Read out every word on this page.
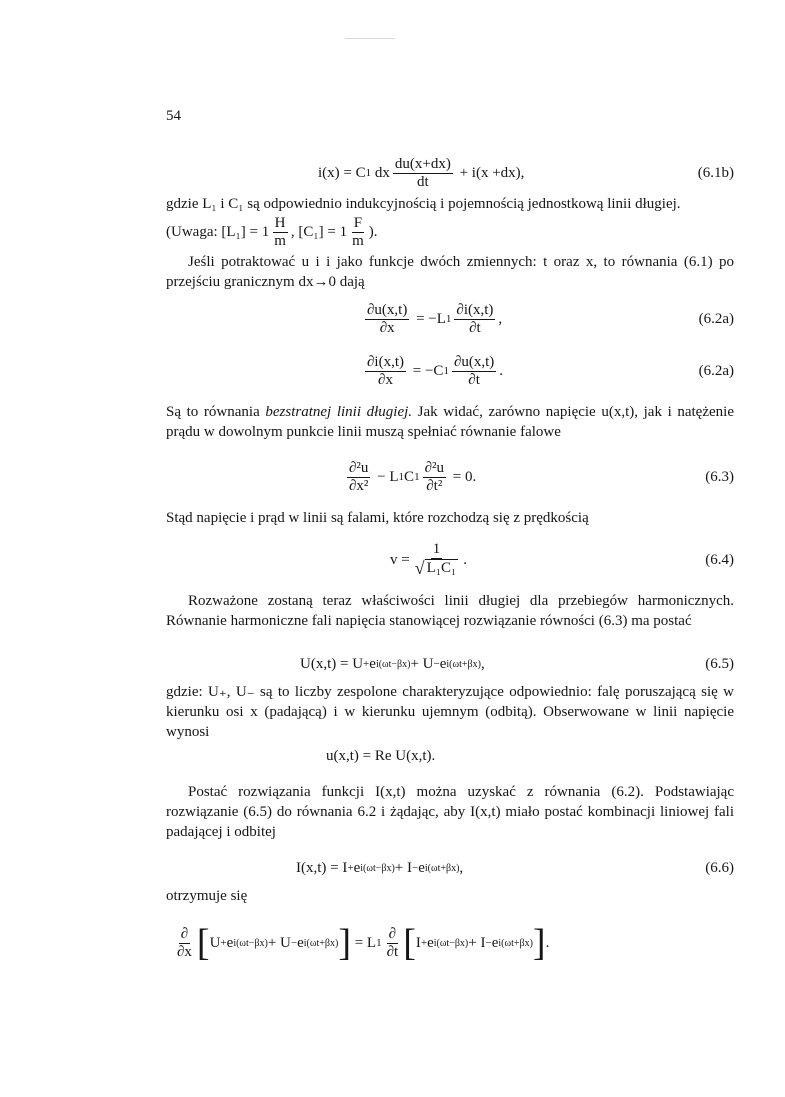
54
i(x) = C 1
dx $\frac{du(x+dx)}{dt}$
+ i(x +dx),	(6.1b)
gdzie L₁ i C₁ są odpowiednio indukcyjnością i pojemnością jednostkową linii długiej.
(Uwaga: $[L_1] = 1 \frac{H}{m}$ , $[C_1] = 1 \frac{F}{m}$ ).
Jeśli potraktować u i i jako funkcje dwóch zmiennych: t oraz x, to równania (6.1) po przejściu granicznym dx→0 dają
$\frac{\partial u(x,t)}{\partial x}$
= −L $1 \frac{\partial i(x,t)}{\partial t}$ ,	(6.2a)
$\frac{\partial i(x,t)}{\partial x}$
= −C $1 \frac{\partial u(x,t)}{\partial t}$ .	(6.2a)
Są to równania bezstratnej linii długiej. Jak widać, zarówno napięcie u(x,t), jak i natężenie prądu w dowolnym punkcie linii muszą spełniać równanie falowe
$\frac{\text{∂²u}}{\text{∂x²}}$
− L 1 C $1 \frac{\text{∂²u}}{\text{∂t²}}$
= 0.	(6.3)
Stąd napięcie i prąd w linii są falami, które rozchodzą się z prędkością
$v = \frac{1}{\text{√ L₁C₁}}$ .	(6.4)
Rozważone zostaną teraz właściwości linii długiej dla przebiegów harmonicznych. Równanie harmoniczne fali napięcia stanowiącej rozwiązanie równości (6.3) ma postać
U(x,t) = U + e i(ωt−βx) + U − e i(ωt+βx) ,	(6.5)
gdzie: U₊, U₋ są to liczby zespolone charakteryzujące odpowiednio: falę poruszającą się w kierunku osi x (padającą) i w kierunku ujemnym (odbitą). Obserwowane w linii napięcie wynosi
u(x,t) = Re U(x,t).
Postać rozwiązania funkcji I(x,t) można uzyskać z równania (6.2). Podstawiając rozwiązanie (6.5) do równania 6.2 i żądając, aby I(x,t) miało postać kombinacji liniowej fali padającej i odbitej
I(x,t) = I + e i(ωt−βx) + I − e i(ωt+βx) ,	(6.6)
otrzymuje się
$\frac{\partial}{\partial x}$ [ U + e i(ωt−βx) + U − e i(ωt+βx) ]
= L $1 \frac{\partial}{\partial t}$ [ I + e i(ωt−βx) + I − e i(ωt+βx) ] .
